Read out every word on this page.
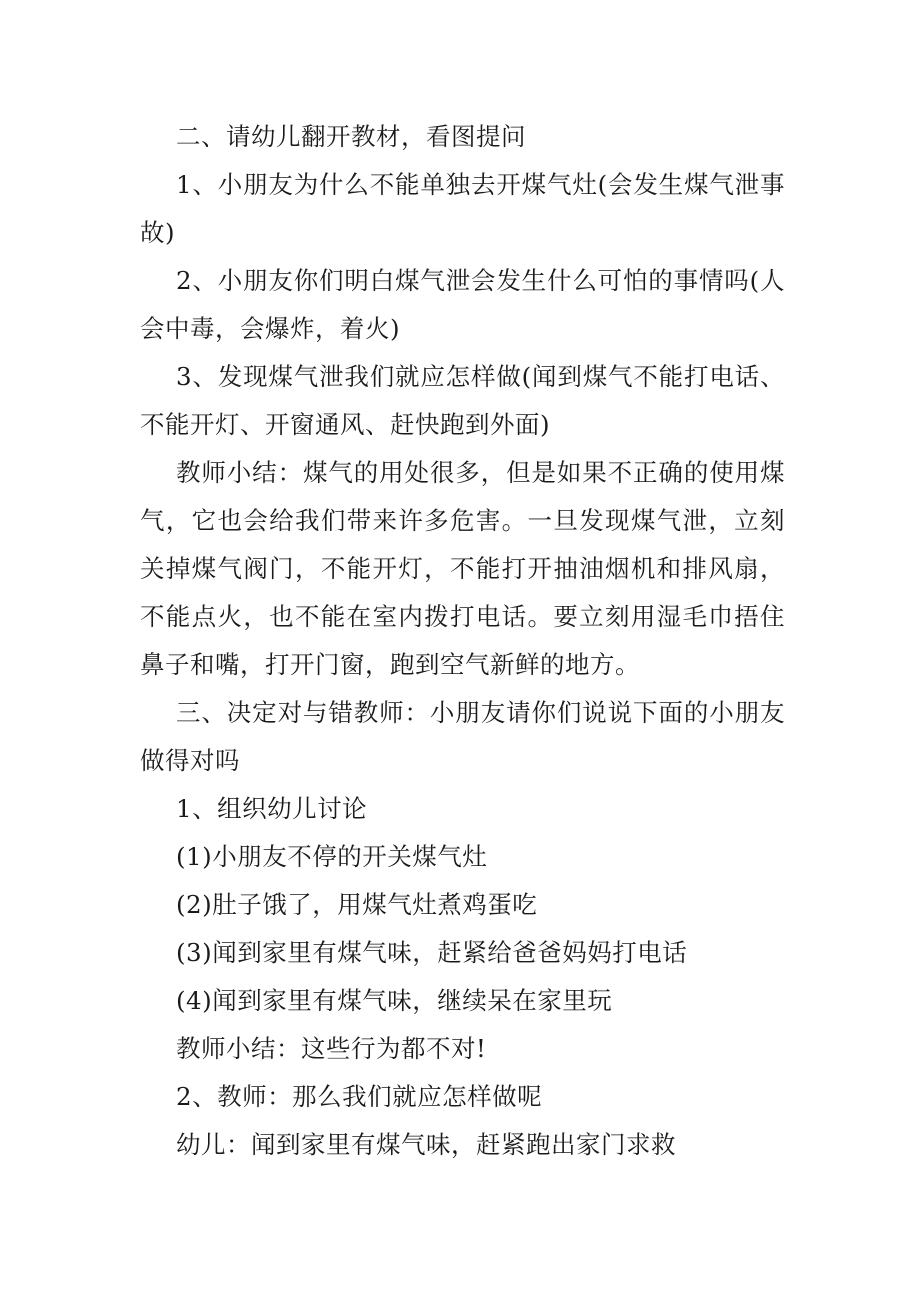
二、请幼儿翻开教材，看图提问

1、小朋友为什么不能单独去开煤气灶(会发生煤气泄事故)

2、小朋友你们明白煤气泄会发生什么可怕的事情吗(人会中毒，会爆炸，着火)

3、发现煤气泄我们就应怎样做(闻到煤气不能打电话、不能开灯、开窗通风、赶快跑到外面)

教师小结：煤气的用处很多，但是如果不正确的使用煤气，它也会给我们带来许多危害。一旦发现煤气泄，立刻关掉煤气阀门，不能开灯，不能打开抽油烟机和排风扇，不能点火，也不能在室内拨打电话。要立刻用湿毛巾捂住鼻子和嘴，打开门窗，跑到空气新鲜的地方。

三、决定对与错教师：小朋友请你们说说下面的小朋友做得对吗

1、组织幼儿讨论

(1)小朋友不停的开关煤气灶

(2)肚子饿了，用煤气灶煮鸡蛋吃

(3)闻到家里有煤气味，赶紧给爸爸妈妈打电话

(4)闻到家里有煤气味，继续呆在家里玩

教师小结：这些行为都不对!

2、教师：那么我们就应怎样做呢

幼儿：闻到家里有煤气味，赶紧跑出家门求救
